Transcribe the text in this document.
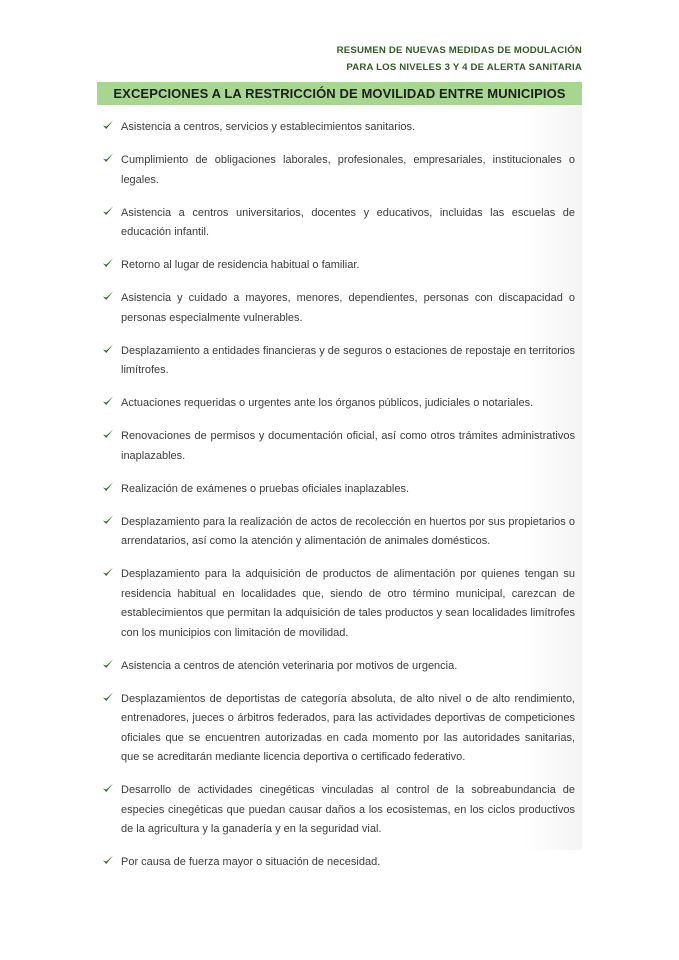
RESUMEN DE NUEVAS MEDIDAS DE MODULACIÓN
PARA LOS NIVELES 3 Y 4 DE ALERTA SANITARIA
EXCEPCIONES A LA RESTRICCIÓN DE MOVILIDAD ENTRE MUNICIPIOS
Asistencia a centros, servicios y establecimientos sanitarios.
Cumplimiento de obligaciones laborales, profesionales, empresariales, institucionales o legales.
Asistencia a centros universitarios, docentes y educativos, incluidas las escuelas de educación infantil.
Retorno al lugar de residencia habitual o familiar.
Asistencia y cuidado a mayores, menores, dependientes, personas con discapacidad o personas especialmente vulnerables.
Desplazamiento a entidades financieras y de seguros o estaciones de repostaje en territorios limítrofes.
Actuaciones requeridas o urgentes ante los órganos públicos, judiciales o notariales.
Renovaciones de permisos y documentación oficial, así como otros trámites administrativos inaplazables.
Realización de exámenes o pruebas oficiales inaplazables.
Desplazamiento para la realización de actos de recolección en huertos por sus propietarios o arrendatarios, así como la atención y alimentación de animales domésticos.
Desplazamiento para la adquisición de productos de alimentación por quienes tengan su residencia habitual en localidades que, siendo de otro término municipal, carezcan de establecimientos que permitan la adquisición de tales productos y sean localidades limítrofes con los municipios con limitación de movilidad.
Asistencia a centros de atención veterinaria por motivos de urgencia.
Desplazamientos de deportistas de categoría absoluta, de alto nivel o de alto rendimiento, entrenadores, jueces o árbitros federados, para las actividades deportivas de competiciones oficiales que se encuentren autorizadas en cada momento por las autoridades sanitarias, que se acreditarán mediante licencia deportiva o certificado federativo.
Desarrollo de actividades cinegéticas vinculadas al control de la sobreabundancia de especies cinegéticas que puedan causar daños a los ecosistemas, en los ciclos productivos de la agricultura y la ganadería y en la seguridad vial.
Por causa de fuerza mayor o situación de necesidad.
